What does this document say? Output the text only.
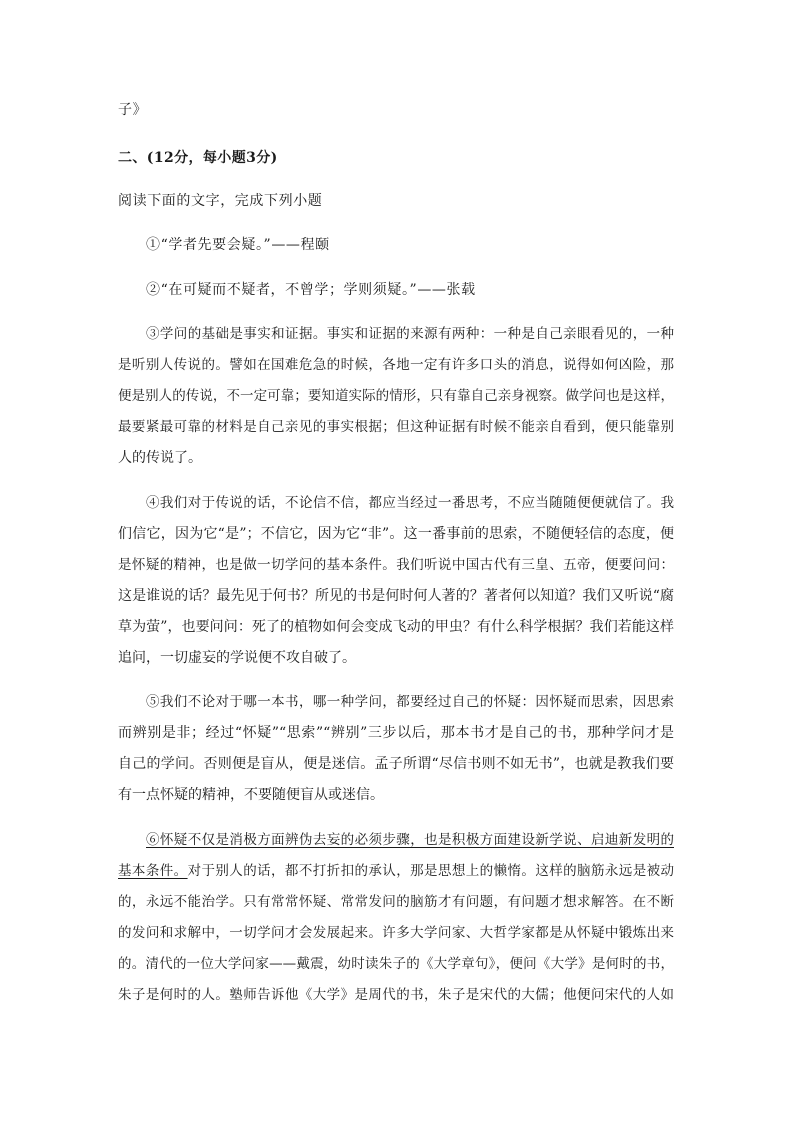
子》
二、(12分，每小题3分)
阅读下面的文字，完成下列小题
①“学者先要会疑。”——程颐
②“在可疑而不疑者，不曾学；学则须疑。”——张载
③学问的基础是事实和证据。事实和证据的来源有两种：一种是自己亲眼看见的，一种
是听别人传说的。譬如在国难危急的时候，各地一定有许多口头的消息，说得如何凶险，那
便是别人的传说，不一定可靠；要知道实际的情形，只有靠自己亲身视察。做学问也是这样，
最要紧最可靠的材料是自己亲见的事实根据；但这种证据有时候不能亲自看到，便只能靠别
人的传说了。
④我们对于传说的话，不论信不信，都应当经过一番思考，不应当随随便便就信了。我
们信它，因为它“是”；不信它，因为它“非”。这一番事前的思索，不随便轻信的态度，便
是怀疑的精神，也是做一切学问的基本条件。我们听说中国古代有三皇、五帝，便要问问：
这是谁说的话？最先见于何书？所见的书是何时何人著的？著者何以知道？我们又听说“腐
草为萤”，也要问问：死了的植物如何会变成飞动的甲虫？有什么科学根据？我们若能这样
追问，一切虚妄的学说便不攻自破了。
⑤我们不论对于哪一本书，哪一种学问，都要经过自己的怀疑：因怀疑而思索，因思索
而辨别是非；经过“怀疑”“思索”“辨别”三步以后，那本书才是自己的书，那种学问才是
自己的学问。否则便是盲从，便是迷信。孟子所谓“尽信书则不如无书”，也就是教我们要
有一点怀疑的精神，不要随便盲从或迷信。
⑥怀疑不仅是消极方面辨伪去妄的必须步骤，也是积极方面建设新学说、启迪新发明的
基本条件。对于别人的话，都不打折扣的承认，那是思想上的懒惰。这样的脑筋永远是被动
的，永远不能治学。只有常常怀疑、常常发问的脑筋才有问题，有问题才想求解答。在不断
的发问和求解中，一切学问才会发展起来。许多大学问家、大哲学家都是从怀疑中锻炼出来
的。清代的一位大学问家——戴震，幼时读朱子的《大学章句》，便问《大学》是何时的书，
朱子是何时的人。塾师告诉他《大学》是周代的书，朱子是宋代的大儒；他便问宋代的人如
